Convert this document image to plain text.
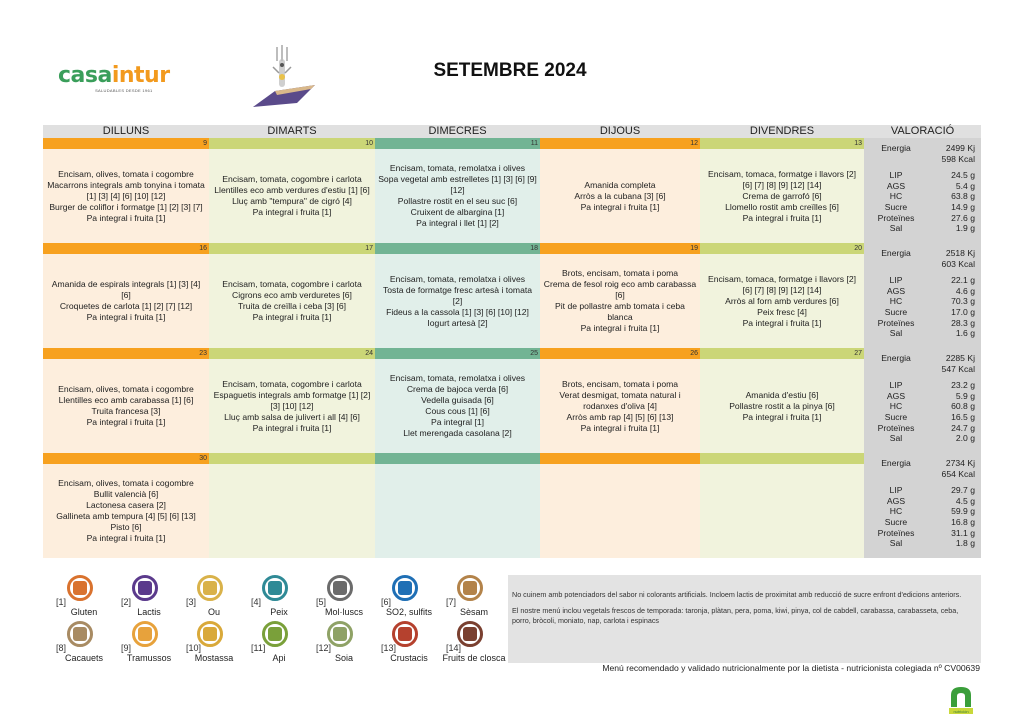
casaintur
SALUDABLES DESDE 1961
SETEMBRE 2024
DILLUNS	DIMARTS	DIMECRES	DIJOUS	DIVENDRES	VALORACIÓ
9
Encisam, olives, tomata i cogombre
Macarrons integrals amb tonyina i tomata [1] [3] [4] [6] [10] [12]
Burger de coliflor i formatge [1] [2] [3] [7]
Pa integral i fruita [1]
10
Encisam, tomata, cogombre i carlota
Llentilles eco amb verdures d'estiu [1] [6]
Lluç amb "tempura" de cigró [4]
Pa integral i fruita [1]
11
Encisam, tomata, remolatxa i olives
Sopa vegetal amb estrelletes [1] [3] [6] [9] [12]
Pollastre rostit en el seu suc [6]
Cruixent de albargina [1]
Pa integral i llet [1] [2]
12
Amanida completa
Arròs a la cubana [3] [6]
Pa integral i fruita [1]
13
Encisam, tomaca, formatge i llavors [2] [6] [7] [8] [9] [12] [14]
Crema de garrofó [6]
Llomello rostit amb creïlles [6]
Pa integral i fruita [1]
Energia	2499 Kj
598 Kcal
LIP	24.5 g
AGS	5.4 g
HC	63.8 g
Sucre	14.9 g
Proteïnes	27.6 g
Sal	1.9 g
16
Amanida de espirals integrals [1] [3] [4] [6]
Croquetes de carlota [1] [2] [7] [12]
Pa integral i fruita [1]
17
Encisam, tomata, cogombre i carlota
Cigrons eco amb verduretes [6]
Truita de creïlla i ceba [3] [6]
Pa integral i fruita [1]
18
Encisam, tomata, remolatxa i olives
Tosta de formatge fresc artesà i tomata [2]
Fideus a la cassola [1] [3] [6] [10] [12]
Iogurt artesà [2]
19
Brots, encisam, tomata i poma
Crema de fesol roig eco amb carabassa [6]
Pit de pollastre amb tomata i ceba blanca
Pa integral i fruita [1]
20
Encisam, tomaca, formatge i llavors [2] [6] [7] [8] [9] [12] [14]
Arròs al forn amb verdures [6]
Peix fresc [4]
Pa integral i fruita [1]
Energia	2518 Kj
603 Kcal
LIP	22.1 g
AGS	4.6 g
HC	70.3 g
Sucre	17.0 g
Proteïnes	28.3 g
Sal	1.6 g
23
Encisam, olives, tomata i cogombre
Llentilles eco amb carabassa [1] [6]
Truita francesa [3]
Pa integral i fruita [1]
24
Encisam, tomata, cogombre i carlota
Espaguetis integrals amb formatge [1] [2] [3] [10] [12]
Lluç amb salsa de julivert i all [4] [6]
Pa integral i fruita [1]
25
Encisam, tomata, remolatxa i olives
Crema de bajoca verda [6]
Vedella guisada [6]
Cous cous [1] [6]
Pa integral [1]
Llet merengada casolana [2]
26
Brots, encisam, tomata i poma
Verat desmigat, tomata natural i rodanxes d'oliva [4]
Arròs amb rap [4] [5] [6] [13]
Pa integral i fruita [1]
27
Amanida d'estiu [6]
Pollastre rostit a la pinya [6]
Pa integral i fruita [1]
Energia	2285 Kj
547 Kcal
LIP	23.2 g
AGS	5.9 g
HC	60.8 g
Sucre	16.5 g
Proteïnes	24.7 g
Sal	2.0 g
30
Encisam, olives, tomata i cogombre
Bullit valencià [6]
Lactonesa casera [2]
Gallineta amb tempura [4] [5] [6] [13]
Pisto [6]
Pa integral i fruita [1]
Energia	2734 Kj
654 Kcal
LIP	29.7 g
AGS	4.5 g
HC	59.9 g
Sucre	16.8 g
Proteïnes	31.1 g
Sal	1.8 g
[1]
Gluten
[2]
Lactis
[3]
Ou
[4]
Peix
[5]
Mol·luscs
[6]
SO2, sulfits
[7]
Sèsam
[8]
Cacauets
[9]
Tramussos
[10]
Mostassa
[11]
Api
[12]
Soia
[13]
Crustacis
[14]
Fruits de closca

No cuinem amb potenciadors del sabor ni colorants artificials. Incloem lactis de proximitat amb reducció de sucre enfront d'edicions anteriors.

El nostre menú inclou vegetals frescos de temporada: taronja, plàtan, pera, poma, kiwi, pinya, col de cabdell, carabassa, carabasseta, ceba, porro, bròcoli, moniato, nap, carlota i espinacs

Menú recomendado y validado nutricionalmente por la dietista - nutricionista colegiada nº CV00639
nutrición
